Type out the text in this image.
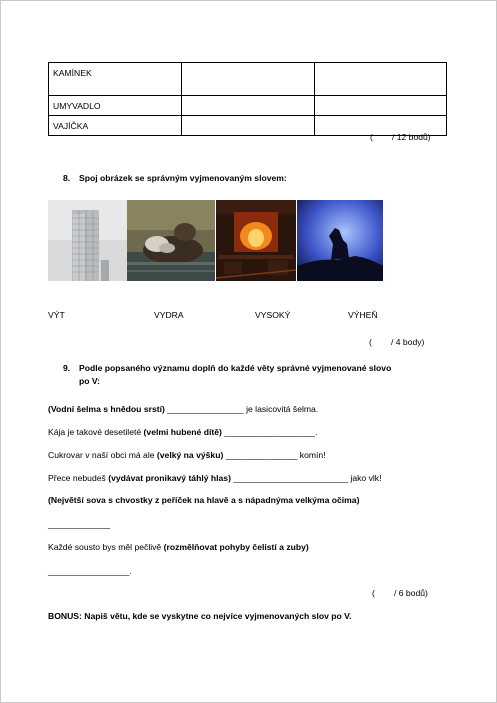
KAMÍNEK		
UMYVADLO		
VAJÍČKA		
(        / 12 bodů)
8. Spoj obrázek se správným vyjmenovaným slovem:
VÝT	VYDRA	VYSOKÝ	VÝHEŇ
(        / 4 body)
9. Podle popsaného významu doplň do každé věty správné vyjmenované slovo
po V:
(Vodní šelma s hnědou srstí) ________________ je lasicovitá šelma.
Kája je takové desetileté (velmi hubené dítě) ___________________.
Cukrovar v naší obci má ale (velký na výšku) _______________ komín!
Přece nebudeš (vydávat pronikavý táhlý hlas) ________________________ jako vlk!
(Největší sova s chvostky z peříček na hlavě a s nápadnýma velkýma očima)
_____________
Každé sousto bys měl pečlivě (rozmělňovat pohyby čelistí a zuby)
_________________.
(        / 6 bodů)
BONUS: Napiš větu, kde se vyskytne co nejvíce vyjmenovaných slov po V.
